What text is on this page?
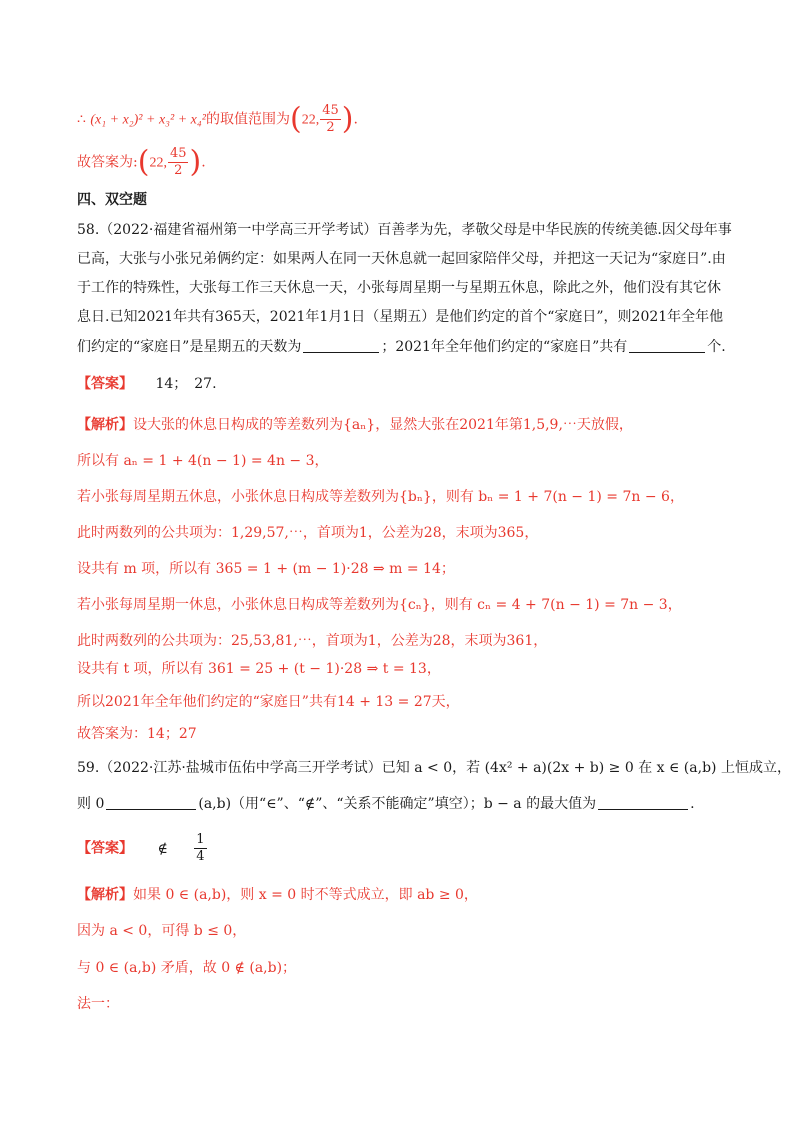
∴ (x₁ + x₂)² + x₃² + x₄²的取值范围为(22, $\frac{45}{2}$ ).
故答案为:(22, $\frac{45}{2}$ ).
四、双空题
58.（2022·福建省福州第一中学高三开学考试）百善孝为先，孝敬父母是中华民族的传统美德.因父母年事
已高，大张与小张兄弟俩约定：如果两人在同一天休息就一起回家陪伴父母，并把这一天记为“家庭日”.由
于工作的特殊性，大张每工作三天休息一天，小张每周星期一与星期五休息，除此之外，他们没有其它休
息日.已知2021年共有365天，2021年1月1日（星期五）是他们约定的首个“家庭日”，则2021年全年他
们约定的“家庭日”是星期五的天数为	；2021年全年他们约定的“家庭日”共有	个.
【答案】 14；　27.
【解析】设大张的休息日构成的等差数列为{aₙ}，显然大张在2021年第1,5,9,⋯天放假，
所以有 aₙ = 1 + 4(n − 1) = 4n − 3，
若小张每周星期五休息，小张休息日构成等差数列为{bₙ}，则有 bₙ = 1 + 7(n − 1) = 7n − 6，
此时两数列的公共项为：1,29,57,⋯，首项为1，公差为28，末项为365，
设共有 m 项，所以有 365 = 1 + (m − 1)·28 ⇒ m = 14；
若小张每周星期一休息，小张休息日构成等差数列为{cₙ}，则有 cₙ = 4 + 7(n − 1) = 7n − 3，
此时两数列的公共项为：25,53,81,⋯，首项为1，公差为28，末项为361，
设共有 t 项，所以有 361 = 25 + (t − 1)·28 ⇒ t = 13，
所以2021年全年他们约定的“家庭日”共有14 + 13 = 27天，
故答案为：14；27
59.（2022·江苏·盐城市伍佑中学高三开学考试）已知 a < 0，若 (4x² + a)(2x + b) ≥ 0 在 x ∈ (a,b) 上恒成立，
则 0	(a,b)（用“∈”、“∉”、“关系不能确定”填空）；b − a 的最大值为	.
【答案】 ∉ $\frac{1}{4}$
【解析】如果 0 ∈ (a,b)，则 x = 0 时不等式成立，即 ab ≥ 0，
因为 a < 0，可得 b ≤ 0，
与 0 ∈ (a,b) 矛盾，故 0 ∉ (a,b)；
法一：
